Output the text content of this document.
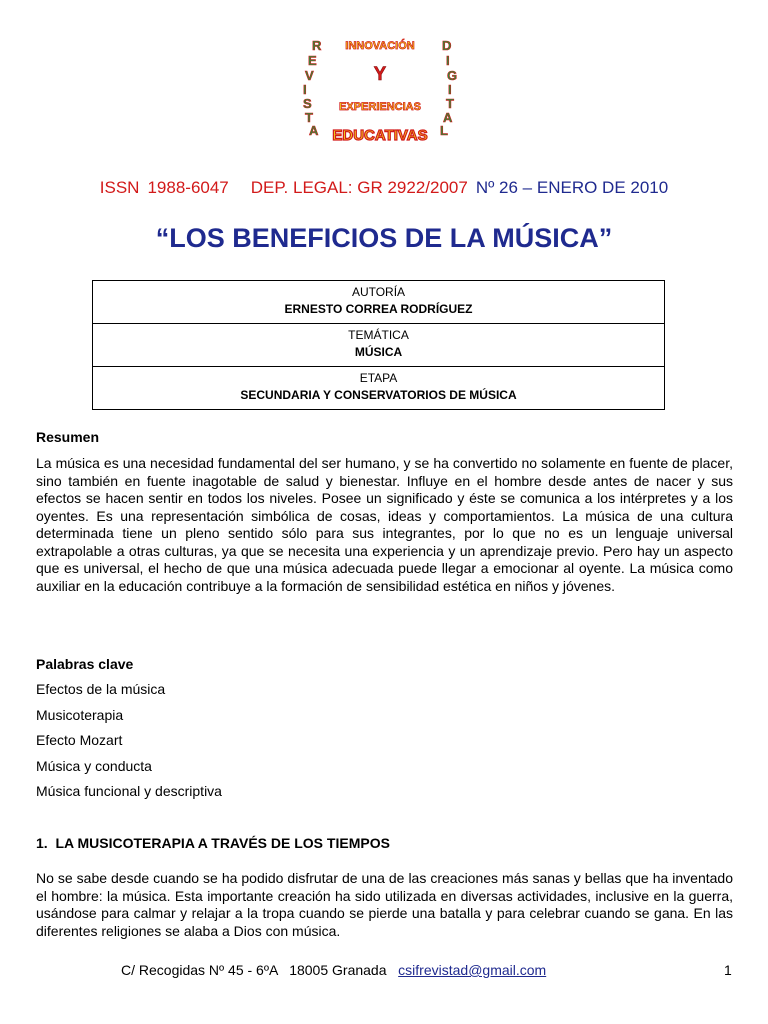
R
E
V
I
S
T
A
D
I
G
I
T
A
L
INNOVACIÓN
Y
EXPERIENCIAS
EDUCATIVAS
ISSN 1988-6047 DEP. LEGAL: GR 2922/2007 Nº 26 – ENERO DE 2010
“LOS BENEFICIOS DE LA MÚSICA”
AUTORÍA
ERNESTO CORREA RODRÍGUEZ

TEMÁTICA
MÚSICA

ETAPA
SECUNDARIA Y CONSERVATORIOS DE MÚSICA
Resumen

La música es una necesidad fundamental del ser humano, y se ha convertido no solamente en fuente de placer, sino también en fuente inagotable de salud y bienestar. Influye en el hombre desde antes de nacer y sus efectos se hacen sentir en todos los niveles. Posee un significado y éste se comunica a los intérpretes y a los oyentes. Es una representación simbólica de cosas, ideas y comportamientos. La música de una cultura determinada tiene un pleno sentido sólo para sus integrantes, por lo que no es un lenguaje universal extrapolable a otras culturas, ya que se necesita una experiencia y un aprendizaje previo. Pero hay un aspecto que es universal, el hecho de que una música adecuada puede llegar a emocionar al oyente. La música como auxiliar en la educación contribuye a la formación de sensibilidad estética en niños y jóvenes.

Palabras clave
Efectos de la música
Musicoterapia
Efecto Mozart
Música y conducta
Música funcional y descriptiva
1.  LA MUSICOTERAPIA A TRAVÉS DE LOS TIEMPOS

No se sabe desde cuando se ha podido disfrutar de una de las creaciones más sanas y bellas que ha inventado el hombre: la música. Esta importante creación ha sido utilizada en diversas actividades, inclusive en la guerra, usándose para calmar y relajar a la tropa cuando se pierde una batalla y para celebrar cuando se gana. En las diferentes religiones se alaba a Dios con música.

C/ Recogidas Nº 45 - 6ºA   18005 Granada csifrevistad@gmail.com	1
